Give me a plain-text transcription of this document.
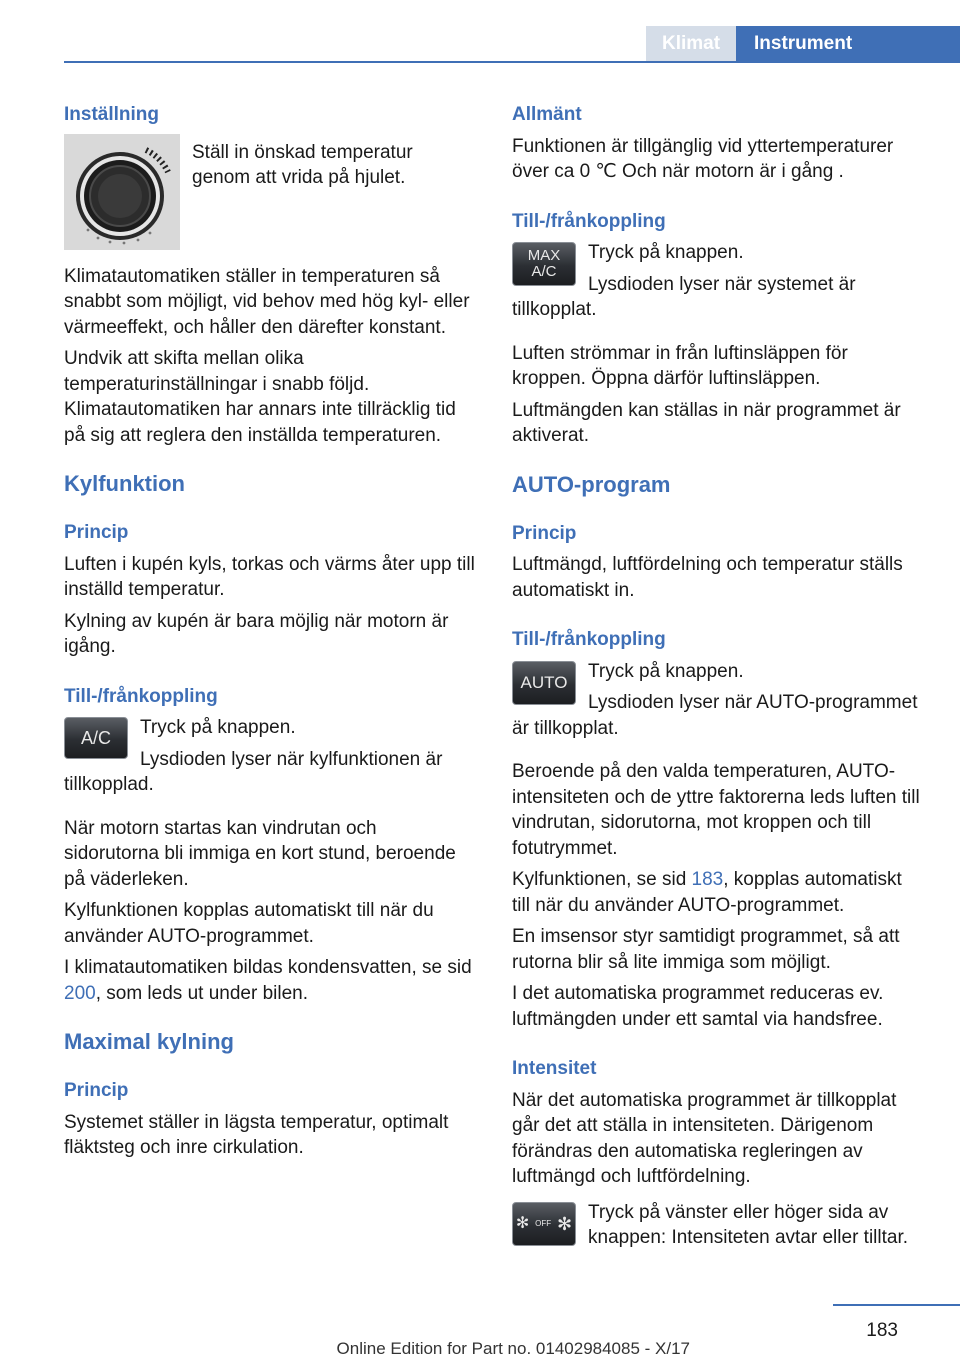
Klimat	Instrument
Inställning

Ställ in önskad temperatur genom att vrida på hjulet.

Klimatautomatiken ställer in temperaturen så snabbt som möjligt, vid behov med hög kyl- eller värmeeffekt, och håller den därefter konstant.

Undvik att skifta mellan olika temperaturinställningar i snabb följd. Klimatautomatiken har annars inte tillräcklig tid på sig att reglera den inställda temperaturen.

Kylfunktion
Princip

Luften i kupén kyls, torkas och värms åter upp till inställd temperatur.

Kylning av kupén är bara möjlig när motorn är igång.

Till-/frånkoppling
A/C	Tryck på knappen.

Lysdioden lyser när kylfunktionen är tillkopplad.

När motorn startas kan vindrutan och sidorutorna bli immiga en kort stund, beroende på väderleken.

Kylfunktionen kopplas automatiskt till när du använder AUTO-programmet.

I klimatautomatiken bildas kondensvatten, se sid 200, som leds ut under bilen.

Maximal kylning
Princip

Systemet ställer in lägsta temperatur, optimalt fläktsteg och inre cirkulation.

Allmänt

Funktionen är tillgänglig vid yttertemperaturer över ca 0 ℃ Och när motorn är i gång .

Till-/frånkoppling
MAX
A/C

Tryck på knappen.

Lysdioden lyser när systemet är tillkopplat.

Luften strömmar in från luftinsläppen för kroppen. Öppna därför luftinsläppen.

Luftmängden kan ställas in när programmet är aktiverat.

AUTO-program
Princip

Luftmängd, luftfördelning och temperatur ställs automatiskt in.

Till-/frånkoppling
AUTO

Tryck på knappen.

Lysdioden lyser när AUTO-programmet är tillkopplat.

Beroende på den valda temperaturen, AUTO-intensiteten och de yttre faktorerna leds luften till vindrutan, sidorutorna, mot kroppen och till fotutrymmet.

Kylfunktionen, se sid 183, kopplas automatiskt till när du använder AUTO-programmet.

En imsensor styr samtidigt programmet, så att rutorna blir så lite immiga som möjligt.

I det automatiska programmet reduceras ev. luftmängden under ett samtal via handsfree.

Intensitet

När det automatiska programmet är tillkopplat går det att ställa in intensiteten. Därigenom förändras den automatiska regleringen av luftmängd och luftfördelning.

✻ OFF ✻

Tryck på vänster eller höger sida av knappen: Intensiteten avtar eller tilltar.

183
Online Edition for Part no. 01402984085 - X/17
